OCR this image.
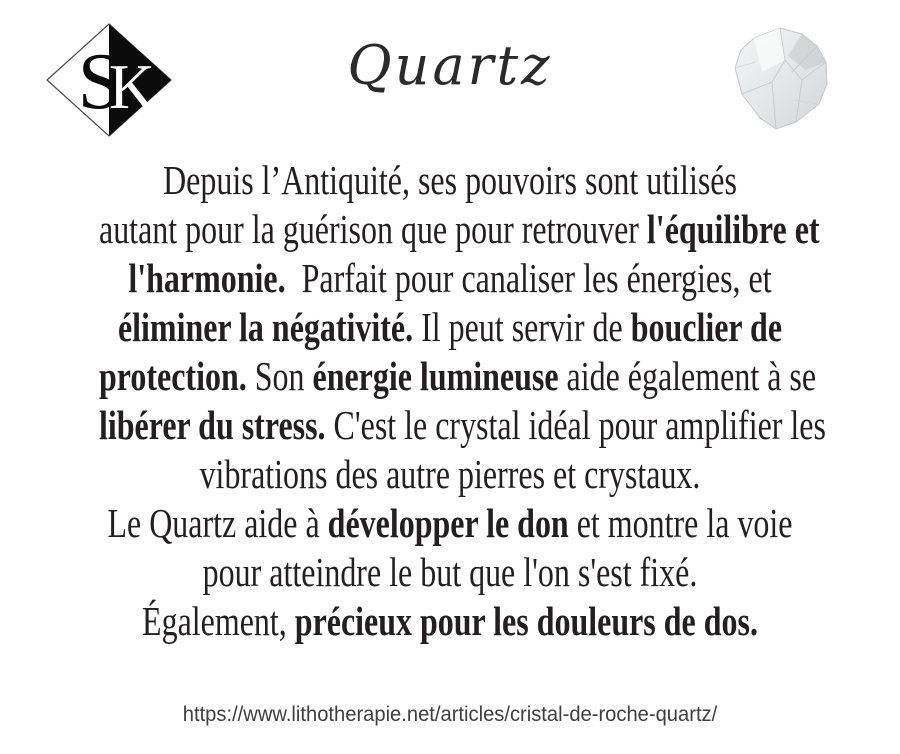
S
K	Quartz
Depuis l’Antiquité, ses pouvoirs sont utilisés
autant pour la guérison que pour retrouver l'équilibre et
l'harmonie.  Parfait pour canaliser les énergies, et
éliminer la négativité. Il peut servir de bouclier de
protection. Son énergie lumineuse aide également à se
libérer du stress. C'est le crystal idéal pour amplifier les
vibrations des autre pierres et crystaux.
Le Quartz aide à développer le don et montre la voie
pour atteindre le but que l'on s'est fixé.
Également, précieux pour les douleurs de dos.
https://www.lithotherapie.net/articles/cristal-de-roche-quartz/
